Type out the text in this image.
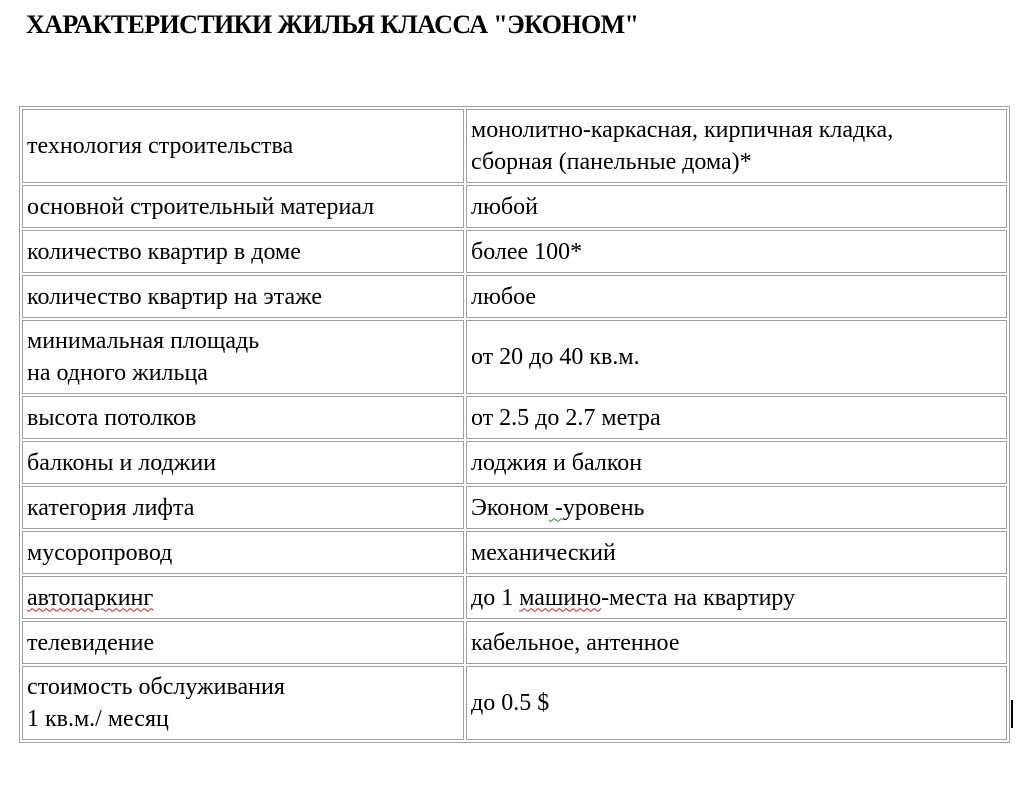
ХАРАКТЕРИСТИКИ ЖИЛЬЯ КЛАССА "ЭКОНОМ"
технология строительства	монолитно-каркасная, кирпичная кладка,
сборная (панельные дома)*
основной строительный материал	любой
количество квартир в доме	более 100*
количество квартир на этаже	любое
минимальная площадь
на одного жильца	от 20 до 40 кв.м.
высота потолков	от 2.5 до 2.7 метра
балконы и лоджии	лоджия и балкон
категория лифта	Эконом -уровень
мусоропровод	механический
автопаркинг	до 1 машино-места на квартиру
телевидение	кабельное, антенное
стоимость обслуживания
1 кв.м./ месяц	до 0.5 $
